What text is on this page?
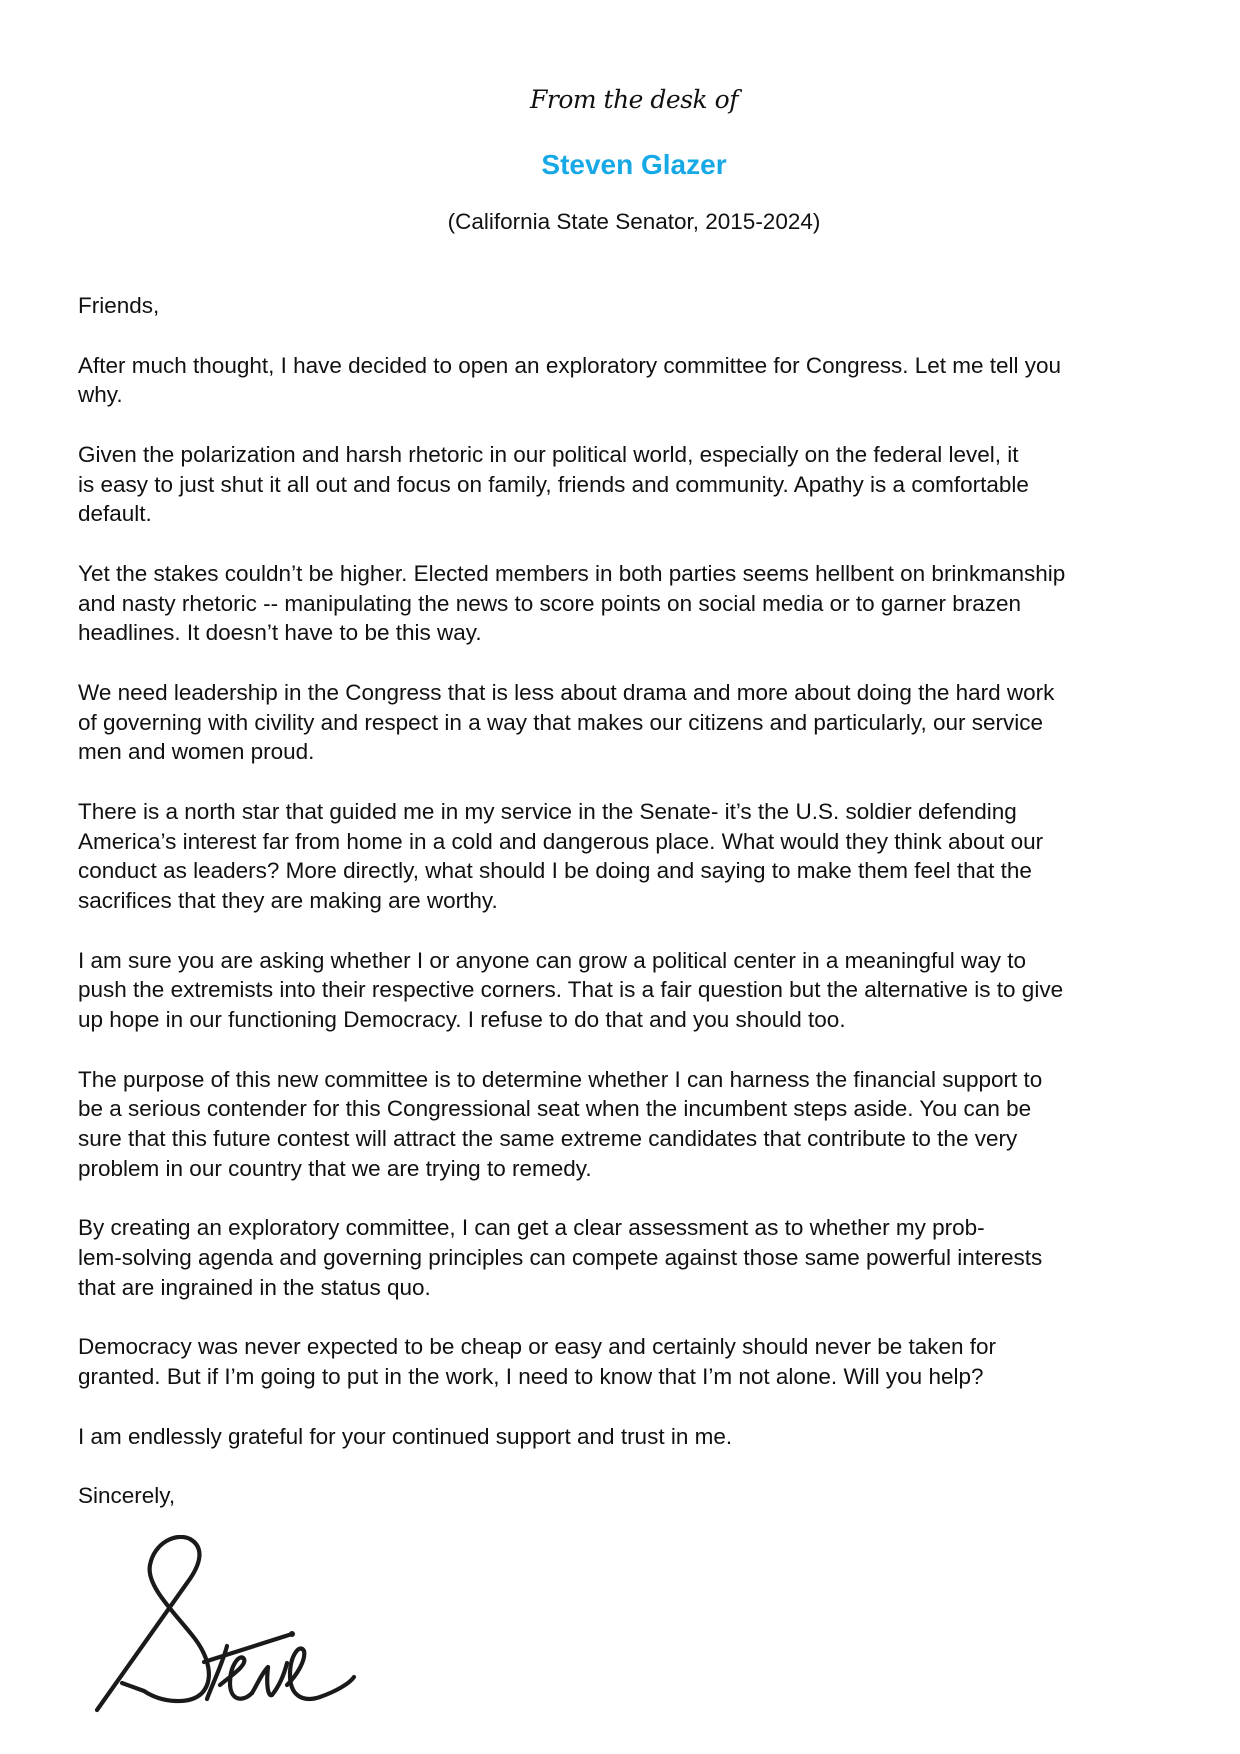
From the desk of
Steven Glazer
(California State Senator, 2015-2024)

Friends,

After much thought, I have decided to open an exploratory committee for Congress. Let me tell you
why.

Given the polarization and harsh rhetoric in our political world, especially on the federal level, it
is easy to just shut it all out and focus on family, friends and community. Apathy is a comfortable
default.

Yet the stakes couldn’t be higher. Elected members in both parties seems hellbent on brinkmanship
and nasty rhetoric -- manipulating the news to score points on social media or to garner brazen
headlines. It doesn’t have to be this way.

We need leadership in the Congress that is less about drama and more about doing the hard work
of governing with civility and respect in a way that makes our citizens and particularly, our service
men and women proud.

There is a north star that guided me in my service in the Senate- it’s the U.S. soldier defending
America’s interest far from home in a cold and dangerous place. What would they think about our
conduct as leaders? More directly, what should I be doing and saying to make them feel that the
sacrifices that they are making are worthy.

I am sure you are asking whether I or anyone can grow a political center in a meaningful way to
push the extremists into their respective corners. That is a fair question but the alternative is to give
up hope in our functioning Democracy. I refuse to do that and you should too.

The purpose of this new committee is to determine whether I can harness the financial support to
be a serious contender for this Congressional seat when the incumbent steps aside. You can be
sure that this future contest will attract the same extreme candidates that contribute to the very
problem in our country that we are trying to remedy.

By creating an exploratory committee, I can get a clear assessment as to whether my prob-
lem-solving agenda and governing principles can compete against those same powerful interests
that are ingrained in the status quo.

Democracy was never expected to be cheap or easy and certainly should never be taken for
granted. But if I’m going to put in the work, I need to know that I’m not alone. Will you help?

I am endlessly grateful for your continued support and trust in me.

Sincerely,
